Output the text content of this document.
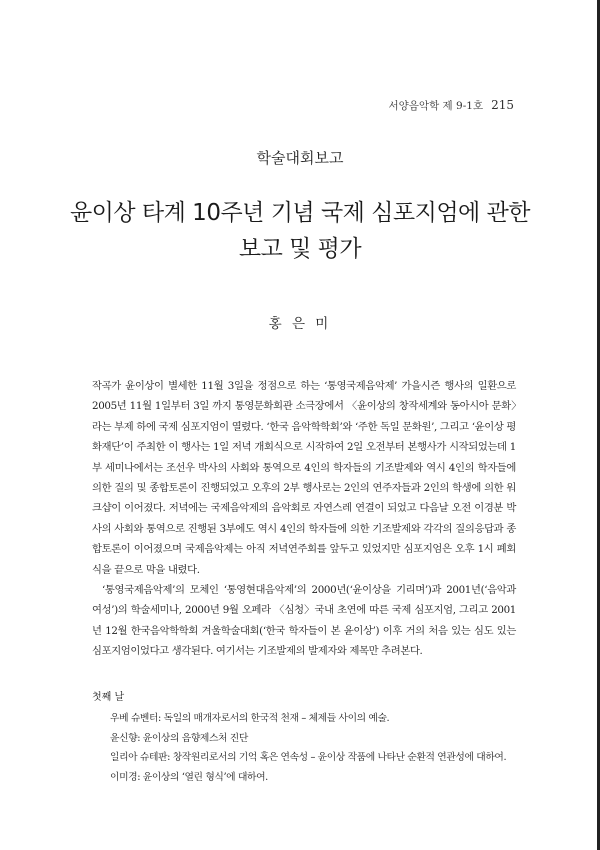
서양음악학 제 9-1호 215
학술대회보고
윤이상 타계 10주년 기념 국제 심포지엄에 관한 보고 및 평가
홍 은 미

작곡가 윤이상이 별세한 11월 3일을 정점으로 하는 ‘통영국제음악제’ 가을시즌 행사의 일환으로 2005년 11월 1일부터 3일 까지 통영문화회관 소극장에서 〈윤이상의 창작세계와 동아시아 문화〉라는 부제 하에 국제 심포지엄이 열렸다. ‘한국 음악학학회’와 ‘주한 독일 문화원’, 그리고 ‘윤이상 평화재단’이 주최한 이 행사는 1일 저녁 개회식으로 시작하여 2일 오전부터 본행사가 시작되었는데 1부 세미나에서는 조선우 박사의 사회와 통역으로 4인의 학자들의 기조발제와 역시 4인의 학자들에 의한 질의 및 종합토론이 진행되었고 오후의 2부 행사로는 2인의 연주자들과 2인의 학생에 의한 워크샵이 이어졌다. 저녁에는 국제음악제의 음악회로 자연스레 연결이 되었고 다음날 오전 이경분 박사의 사회와 통역으로 진행된 3부에도 역시 4인의 학자들에 의한 기조발제와 각각의 질의응답과 종합토론이 이어졌으며 국제음악제는 아직 저녁연주회를 앞두고 있었지만 심포지엄은 오후 1시 폐회식을 끝으로 막을 내렸다.

‘통영국제음악제’의 모체인 ‘통영현대음악제’의 2000년(‘윤이상을 기리며’)과 2001년(‘음악과 여성’)의 학술세미나, 2000년 9월 오페라 〈심청〉국내 초연에 따른 국제 심포지엄, 그리고 2001년 12월 한국음악학학회 겨울학술대회(‘한국 학자들이 본 윤이상’) 이후 거의 처음 있는 심도 있는 심포지엄이었다고 생각된다. 여기서는 기조발제의 발제자와 제목만 추려본다.

첫째 날
우베 슈벤터: 독일의 매개자로서의 한국적 천재 – 체제들 사이의 예술.
윤신향: 윤이상의 음향제스처 진단
일리아 슈테판: 창작원리로서의 기억 혹은 연속성 – 윤이상 작품에 나타난 순환적 연관성에 대하여.
이미경: 윤이상의 ‘열린 형식’에 대하여.
